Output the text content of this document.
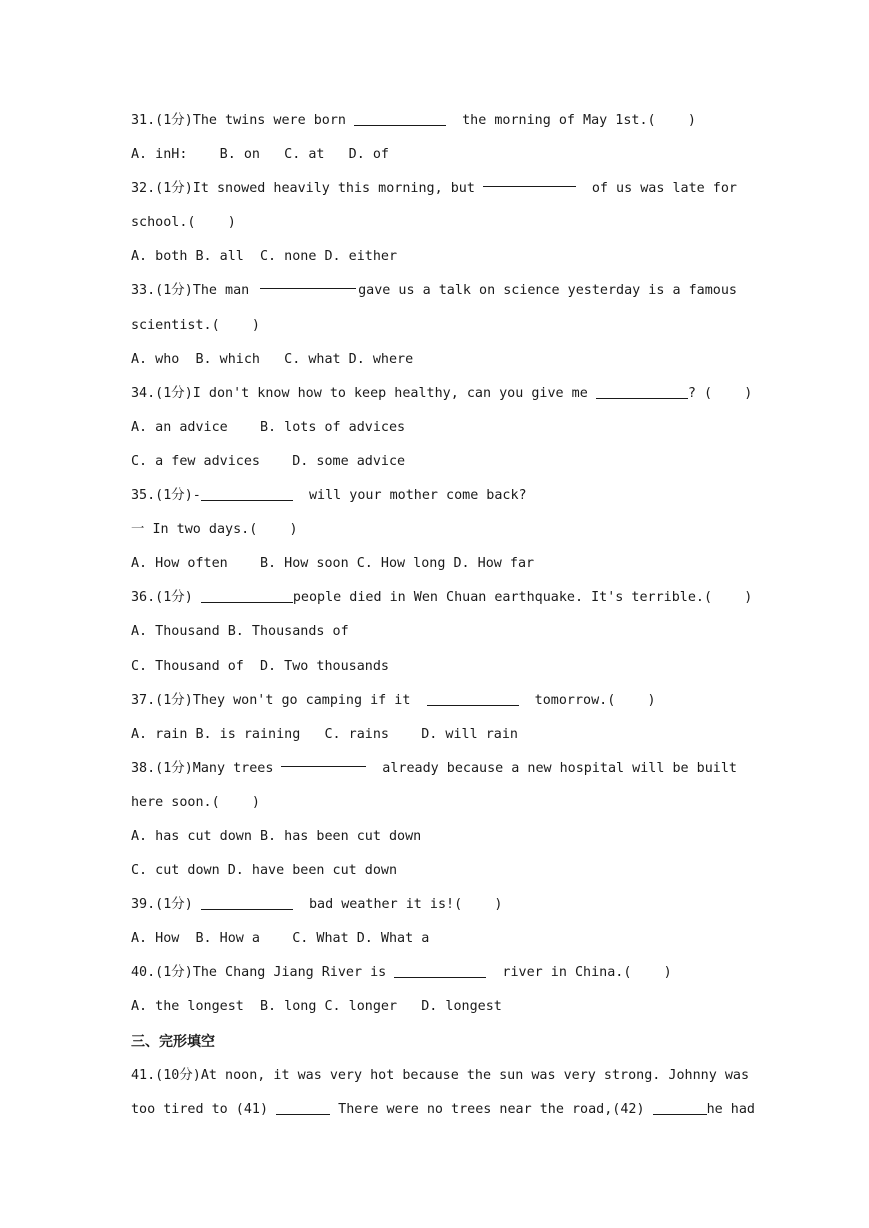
31.(1分)The twins were born	the morning of May 1st.(    )
A. inH:    B. on   C. at   D. of
32.(1分)It snowed heavily this morning, but	of us was late for
school.(    )
A. both B. all  C. none D. either
33.(1分)The man	gave us a talk on science yesterday is a famous
scientist.(    )
A. who  B. which   C. what D. where
34.(1分)I don't know how to keep healthy, can you give me	? (    )
A. an advice    B. lots of advices
C. a few advices    D. some advice
35.(1分)-	will your mother come back?
一 In two days.(    )
A. How often    B. How soon C. How long D. How far
36.(1分)	people died in Wen Chuan earthquake. It's terrible.(    )
A. Thousand B. Thousands of
C. Thousand of  D. Two thousands
37.(1分)They won't go camping if it	tomorrow.(    )
A. rain B. is raining   C. rains    D. will rain
38.(1分)Many trees	already because a new hospital will be built
here soon.(    )
A. has cut down B. has been cut down
C. cut down D. have been cut down
39.(1分)	bad weather it is!(    )
A. How  B. How a    C. What D. What a
40.(1分)The Chang Jiang River is	river in China.(    )
A. the longest  B. long C. longer   D. longest
三、完形填空
41.(10分)At noon, it was very hot because the sun was very strong. Johnny was
too tired to (41)	There were no trees near the road,(42)	he had
